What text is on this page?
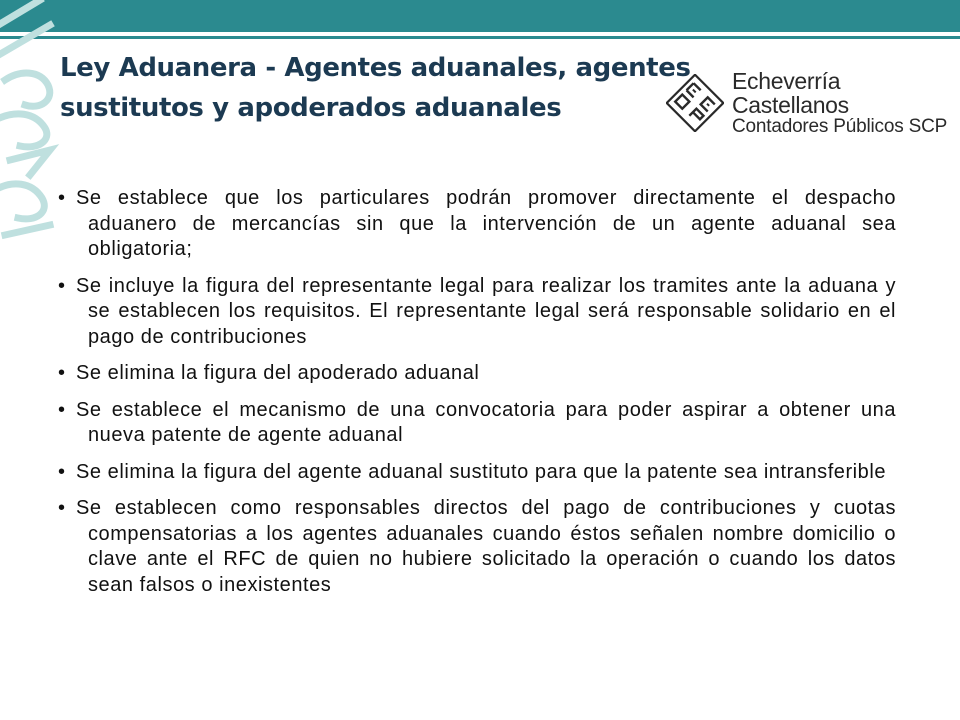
Ley Aduanera - Agentes aduanales, agentes sustitutos y apoderados aduanales
Echeverría Castellanos
Contadores Públicos SCP
• Se establece que los particulares podrán promover directamente el despacho aduanero de mercancías sin que la intervención de un agente aduanal sea obligatoria;
• Se incluye la figura del representante legal para realizar los tramites ante la aduana y se establecen los requisitos. El representante legal será responsable solidario en el pago de contribuciones
• Se elimina la figura del apoderado aduanal
• Se establece el mecanismo de una convocatoria para poder aspirar a obtener una nueva patente de agente aduanal
• Se elimina la figura del agente aduanal sustituto para que la patente sea intransferible
• Se establecen como responsables directos del pago de contribuciones y cuotas compensatorias a los agentes aduanales cuando éstos señalen nombre domicilio o clave ante el RFC de quien no hubiere solicitado la operación o cuando los datos sean falsos o inexistentes
